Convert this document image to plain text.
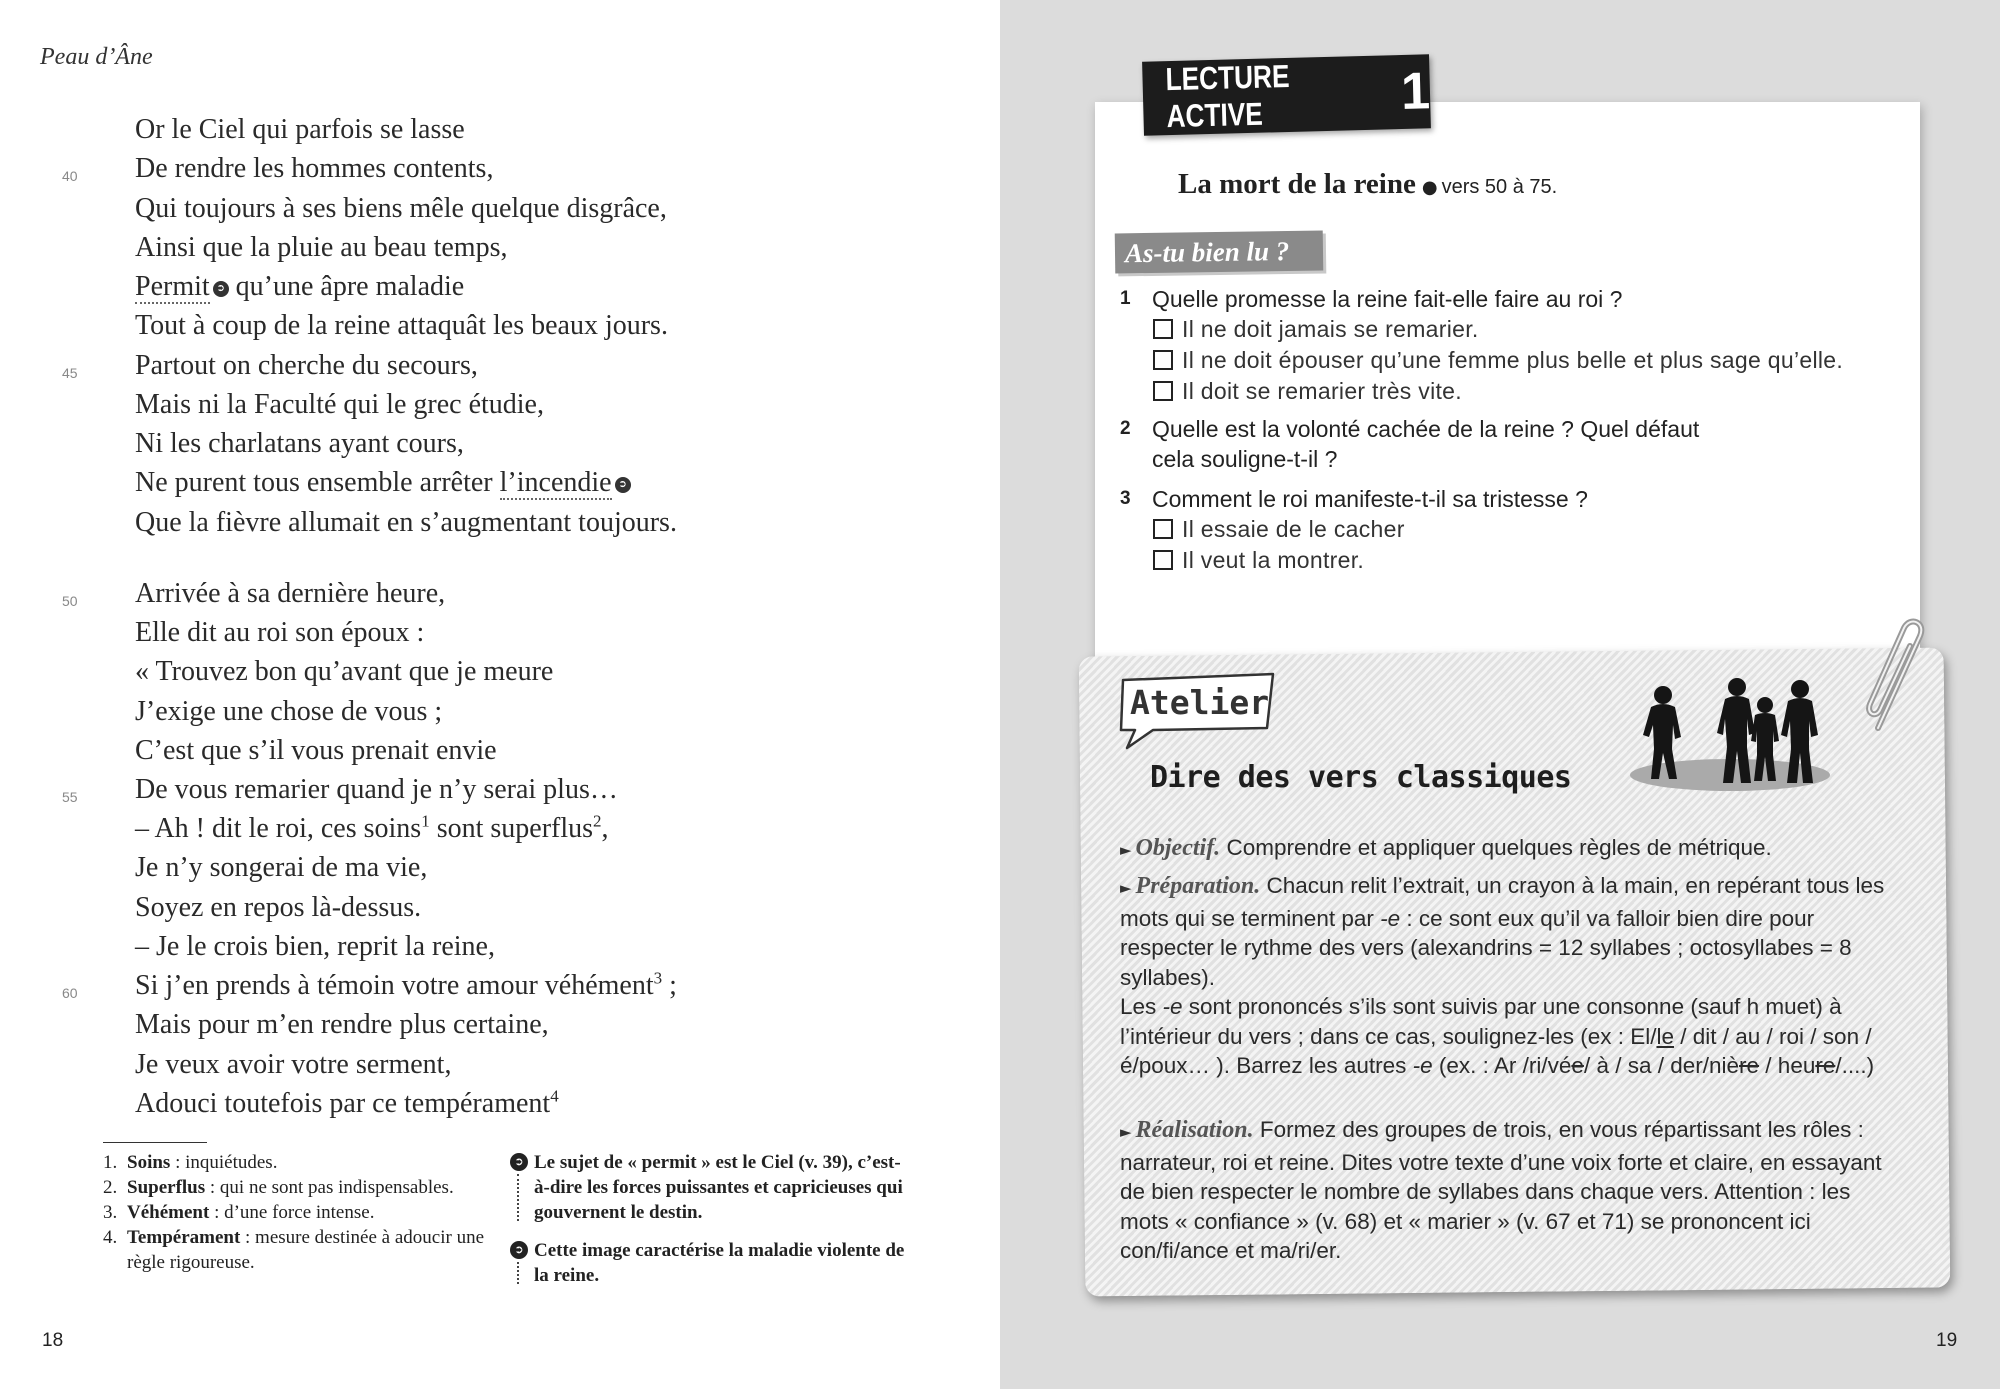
Peau d’Âne
Or le Ciel qui parfois se lasse
De rendre les hommes contents,
Qui toujours à ses biens mêle quelque disgrâce,
Ainsi que la pluie au beau temps,
Permit ➲ qu’une âpre maladie
Tout à coup de la reine attaquât les beaux jours.
Partout on cherche du secours,
Mais ni la Faculté qui le grec étudie,
Ni les charlatans ayant cours,
Ne purent tous ensemble arrêter l’incendie ➲
Que la fièvre allumait en s’augmentant toujours.
Arrivée à sa dernière heure,
Elle dit au roi son époux :
« Trouvez bon qu’avant que je meure
J’exige une chose de vous ;
C’est que s’il vous prenait envie
De vous remarier quand je n’y serai plus…
– Ah ! dit le roi, ces soins$^1$ sont superflus$^2$,
Je n’y songerai de ma vie,
Soyez en repos là-dessus.
– Je le crois bien, reprit la reine,
Si j’en prends à témoin votre amour véhément$^3$ ;
Mais pour m’en rendre plus certaine,
Je veux avoir votre serment,
Adouci toutefois par ce tempérament$^4$
40
45
50
55
60
1. Soins : inquiétudes.
2. Superflus : qui ne sont pas indispensables.
3. Véhément : d’une force intense.
4. Tempérament : mesure destinée à adoucir une règle rigoureuse.
➲ Le sujet de « permit » est le Ciel (v. 39), c’est-à-dire les forces puissantes et capricieuses qui gouvernent le destin.
➲ Cette image caractérise la maladie violente de la reine.
18
LECTURE ACTIVE	1
La mort de la reine ● vers 50 à 75.
As-tu bien lu ?
1 Quelle promesse la reine fait-elle faire au roi ?
Il ne doit jamais se remarier.
Il ne doit épouser qu’une femme plus belle et plus sage qu’elle.
Il doit se remarier très vite.
2 Quelle est la volonté cachée de la reine ? Quel défaut cela souligne-t-il ?
3 Comment le roi manifeste-t-il sa tristesse ?
Il essaie de le cacher
Il veut la montrer.
Atelier
Dire des vers classiques
► Objectif. Comprendre et appliquer quelques règles de métrique.
► Préparation. Chacun relit l’extrait, un crayon à la main, en repérant tous les mots qui se terminent par -e : ce sont eux qu’il va falloir bien dire pour respecter le rythme des vers (alexandrins = 12 syllabes ; octosyllabes = 8 syllabes).
Les -e sont prononcés s’ils sont suivis par une consonne (sauf h muet) à l’intérieur du vers ; dans ce cas, soulignez-les (ex : El/le / dit / au / roi / son / é/poux… ). Barrez les autres -e (ex. : Ar /ri/vée/ à / sa / der/nière / heure/....)
► Réalisation. Formez des groupes de trois, en vous répartissant les rôles : narrateur, roi et reine. Dites votre texte d’une voix forte et claire, en essayant de bien respecter le nombre de syllabes dans chaque vers. Attention : les mots « confiance » (v. 68) et « marier » (v. 67 et 71) se prononcent ici con/fi/ance et ma/ri/er.
19
